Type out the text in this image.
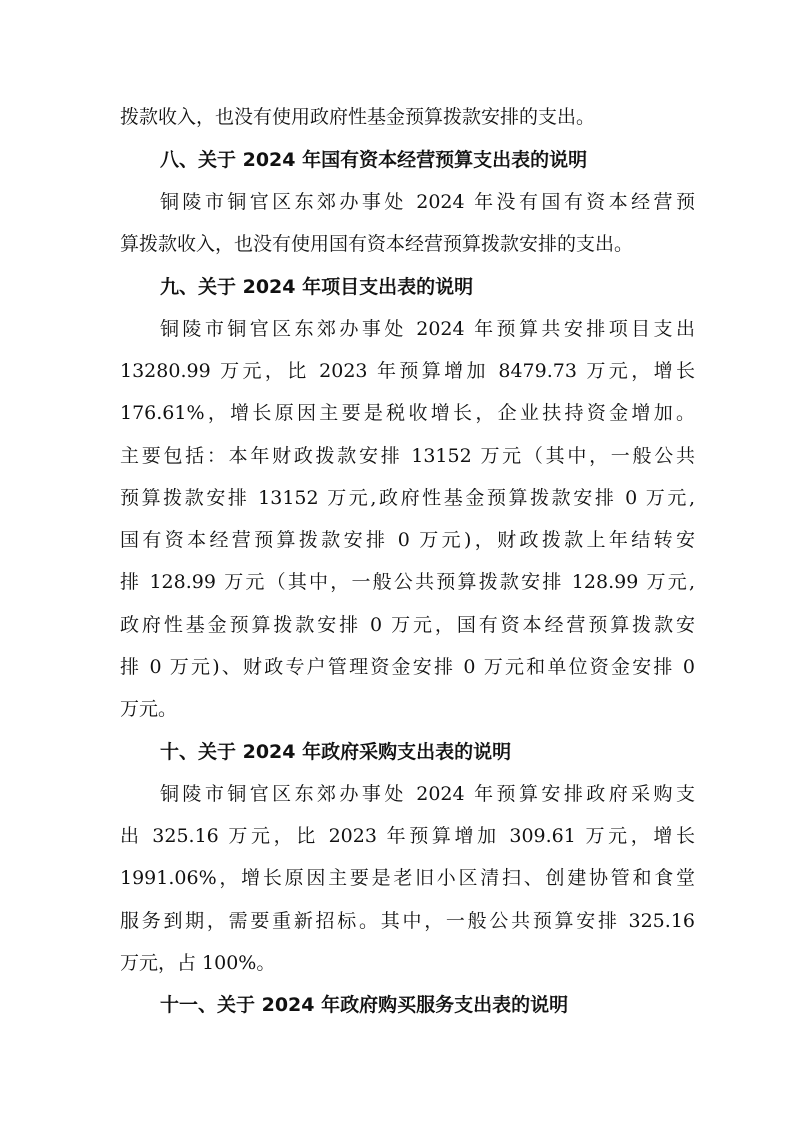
拨款收入，也没有使用政府性基金预算拨款安排的支出。
八、关于 2024 年国有资本经营预算支出表的说明
铜陵市铜官区东郊办事处 2024 年没有国有资本经营预
算拨款收入，也没有使用国有资本经营预算拨款安排的支出。
九、关于 2024 年项目支出表的说明
铜陵市铜官区东郊办事处 2024 年预算共安排项目支出
13280.99 万元，比 2023 年预算增加 8479.73 万元，增长
176.61%，增长原因主要是税收增长，企业扶持资金增加。
主要包括：本年财政拨款安排 13152 万元（其中，一般公共
预算拨款安排 13152 万元,政府性基金预算拨款安排 0 万元,
国有资本经营预算拨款安排 0 万元)，财政拨款上年结转安
排 128.99 万元（其中，一般公共预算拨款安排 128.99 万元,
政府性基金预算拨款安排 0 万元，国有资本经营预算拨款安
排 0 万元)、财政专户管理资金安排 0 万元和单位资金安排 0
万元。
十、关于 2024 年政府采购支出表的说明
铜陵市铜官区东郊办事处 2024 年预算安排政府采购支
出 325.16 万元，比 2023 年预算增加 309.61 万元，增长
1991.06%，增长原因主要是老旧小区清扫、创建协管和食堂
服务到期，需要重新招标。其中，一般公共预算安排 325.16
万元，占 100%。
十一、关于 2024 年政府购买服务支出表的说明
